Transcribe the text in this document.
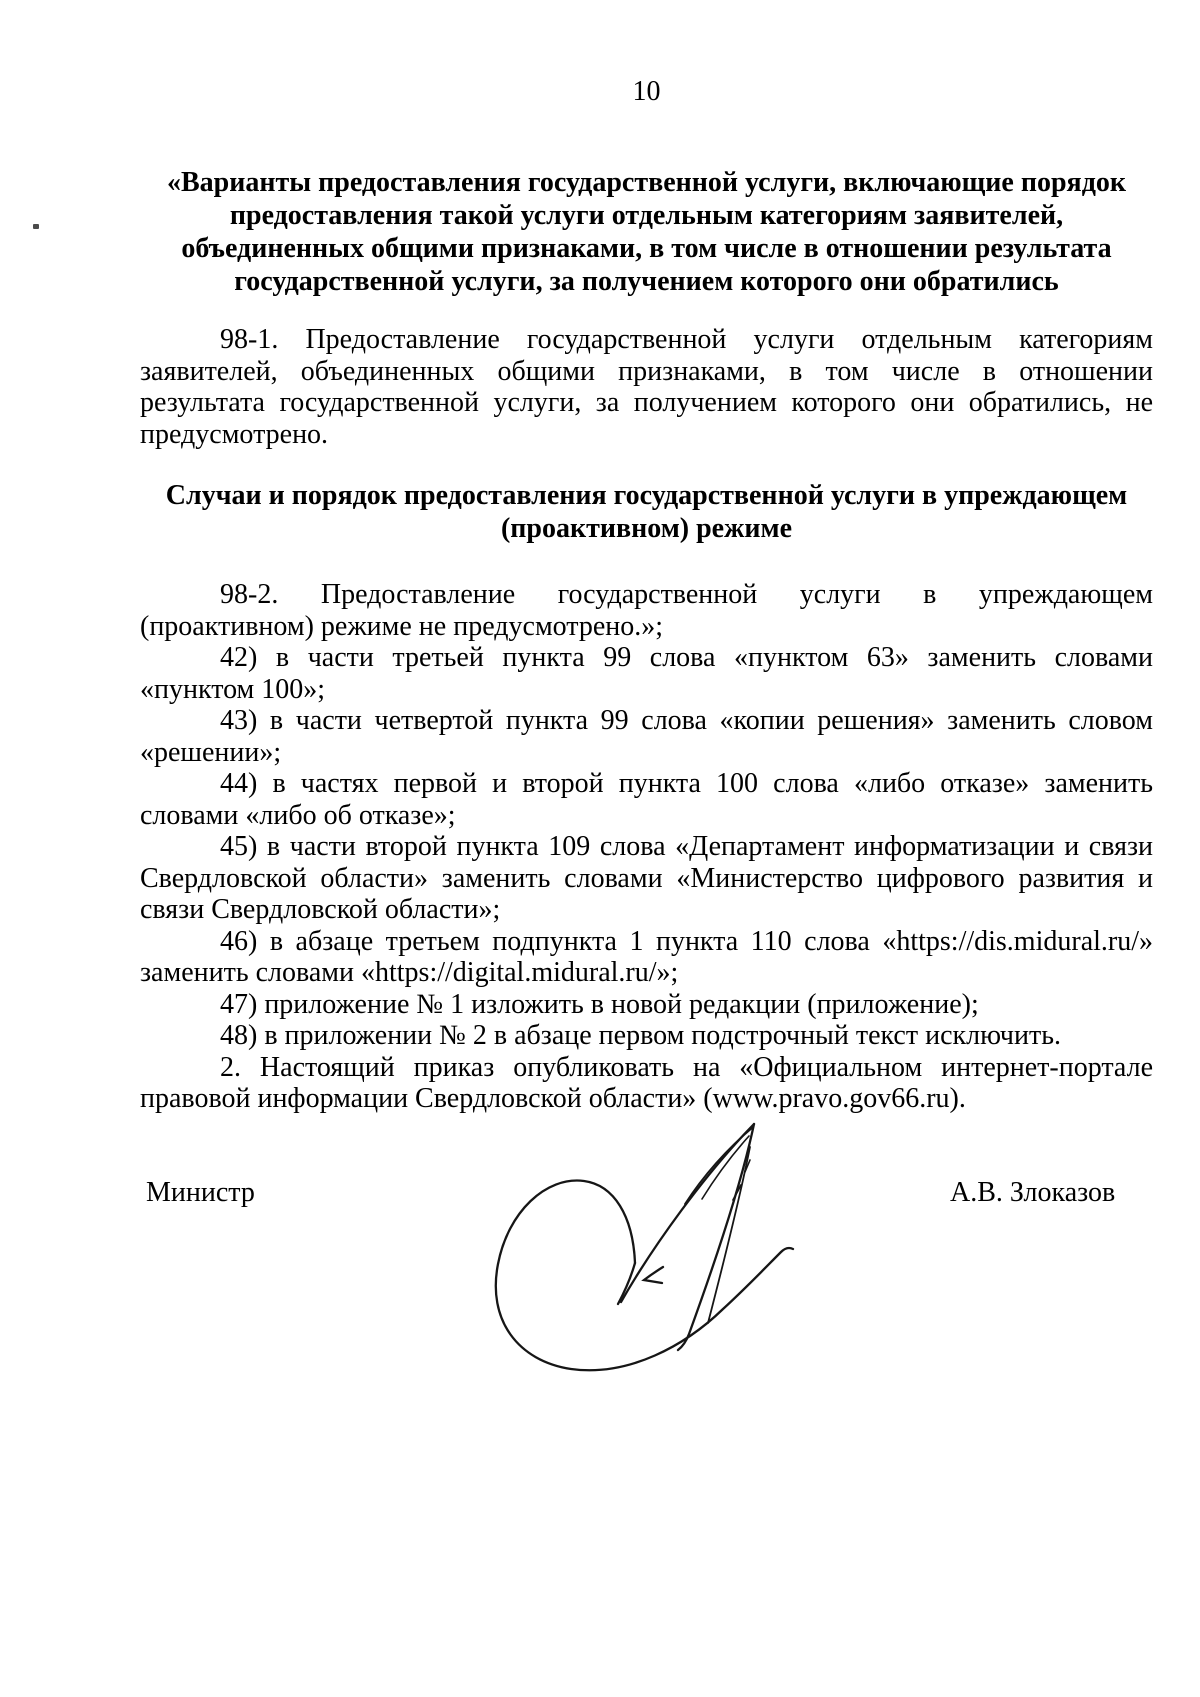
10
«Варианты предоставления государственной услуги, включающие порядок
предоставления такой услуги отдельным категориям заявителей,
объединенных общими признаками, в том числе в отношении результата
государственной услуги, за получением которого они обратились

98-1. Предоставление государственной услуги отдельным категориям заявителей, объединенных общими признаками, в том числе в отношении результата государственной услуги, за получением которого они обратились, не предусмотрено.

Случаи и порядок предоставления государственной услуги в упреждающем
(проактивном) режиме

98-2. Предоставление государственной услуги в упреждающем (проактивном) режиме не предусмотрено.»;

42) в части третьей пункта 99 слова «пунктом 63» заменить словами «пунктом 100»;

43) в части четвертой пункта 99 слова «копии решения» заменить словом «решении»;

44) в частях первой и второй пункта 100 слова «либо отказе» заменить словами «либо об отказе»;

45) в части второй пункта 109 слова «Департамент информатизации и связи Свердловской области» заменить словами «Министерство цифрового развития и связи Свердловской области»;

46) в абзаце третьем подпункта 1 пункта 110 слова «https://dis.midural.ru/» заменить словами «https://digital.midural.ru/»;

47) приложение № 1 изложить в новой редакции (приложение);

48) в приложении № 2 в абзаце первом подстрочный текст исключить.

2. Настоящий приказ опубликовать на «Официальном интернет-портале правовой информации Свердловской области» (www.pravo.gov66.ru).

Министр	А.В. Злоказов
